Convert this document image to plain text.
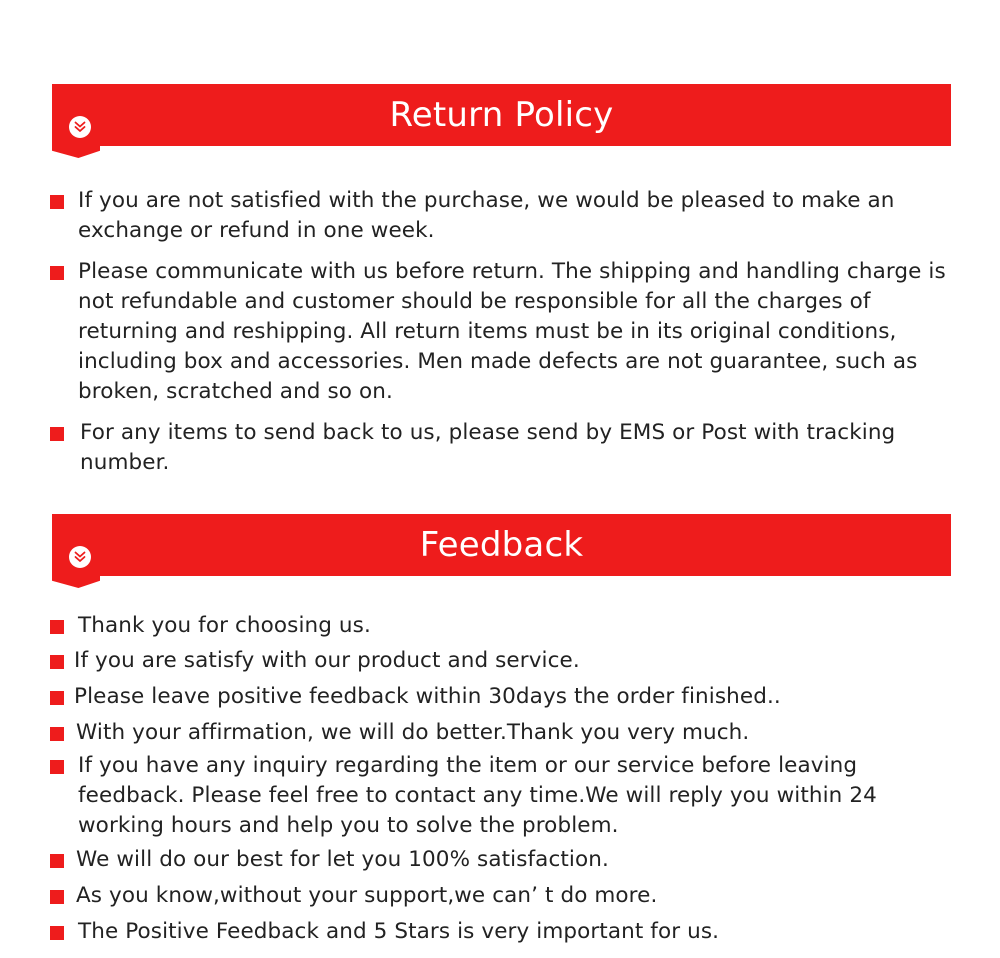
Return Policy
If you are not satisfied with the purchase, we would be pleased to make an exchange or refund in one week.
Please communicate with us before return. The shipping and handling charge is not refundable and customer should be responsible for all the charges of returning and reshipping. All return items must be in its original conditions, including box and accessories. Men made defects are not guarantee, such as broken, scratched and so on.
For any items to send back to us, please send by EMS or Post with tracking number.
Feedback
Thank you for choosing us.
If you are satisfy with our product and service.
Please leave positive feedback within 30days the order finished..
With your affirmation, we will do better.Thank you very much.
If you have any inquiry regarding the item or our service before leaving feedback. Please feel free to contact any time.We will reply you within 24 working hours and help you to solve the problem.
We will do our best for let you 100% satisfaction.
As you know,without your support,we can’ t do more.
The Positive Feedback and 5 Stars is very important for us.
